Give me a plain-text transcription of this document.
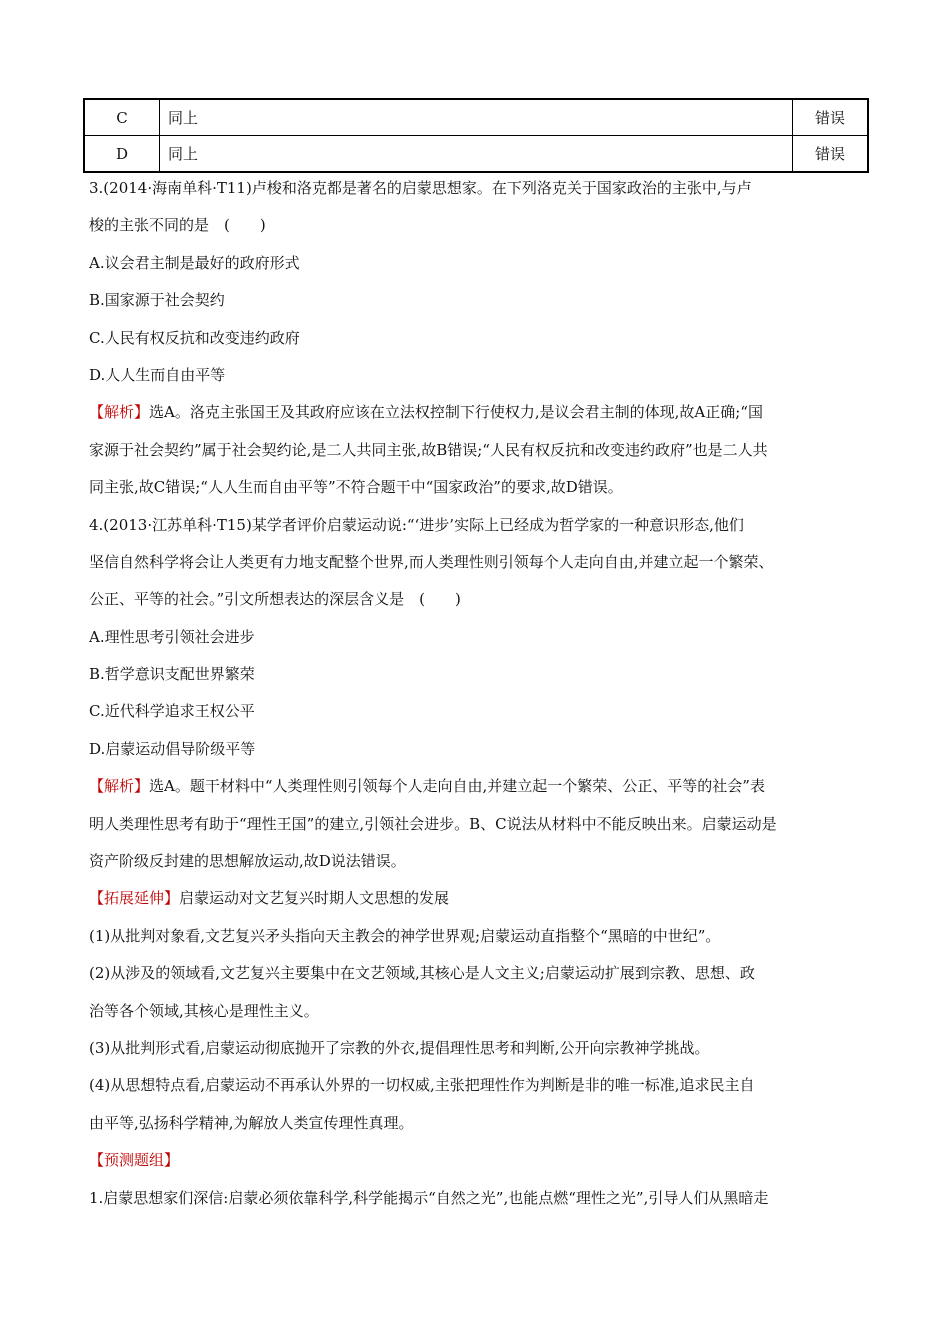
C	同上	错误
D	同上	错误
3.(2014·海南单科·T11)卢梭和洛克都是著名的启蒙思想家。在下列洛克关于国家政治的主张中,与卢
梭的主张不同的是　(　　)
A.议会君主制是最好的政府形式
B.国家源于社会契约
C.人民有权反抗和改变违约政府
D.人人生而自由平等
【解析】选A。洛克主张国王及其政府应该在立法权控制下行使权力,是议会君主制的体现,故A正确;“国
家源于社会契约”属于社会契约论,是二人共同主张,故B错误;“人民有权反抗和改变违约政府”也是二人共
同主张,故C错误;“人人生而自由平等”不符合题干中“国家政治”的要求,故D错误。
4.(2013·江苏单科·T15)某学者评价启蒙运动说:“‘进步’实际上已经成为哲学家的一种意识形态,他们
坚信自然科学将会让人类更有力地支配整个世界,而人类理性则引领每个人走向自由,并建立起一个繁荣、
公正、平等的社会。”引文所想表达的深层含义是　(　　)
A.理性思考引领社会进步
B.哲学意识支配世界繁荣
C.近代科学追求王权公平
D.启蒙运动倡导阶级平等
【解析】选A。题干材料中“人类理性则引领每个人走向自由,并建立起一个繁荣、公正、平等的社会”表
明人类理性思考有助于“理性王国”的建立,引领社会进步。B、C说法从材料中不能反映出来。启蒙运动是
资产阶级反封建的思想解放运动,故D说法错误。
【拓展延伸】启蒙运动对文艺复兴时期人文思想的发展
(1)从批判对象看,文艺复兴矛头指向天主教会的神学世界观;启蒙运动直指整个“黑暗的中世纪”。
(2)从涉及的领域看,文艺复兴主要集中在文艺领域,其核心是人文主义;启蒙运动扩展到宗教、思想、政
治等各个领域,其核心是理性主义。
(3)从批判形式看,启蒙运动彻底抛开了宗教的外衣,提倡理性思考和判断,公开向宗教神学挑战。
(4)从思想特点看,启蒙运动不再承认外界的一切权威,主张把理性作为判断是非的唯一标准,追求民主自
由平等,弘扬科学精神,为解放人类宣传理性真理。
【预测题组】
1.启蒙思想家们深信:启蒙必须依靠科学,科学能揭示“自然之光”,也能点燃“理性之光”,引导人们从黑暗走
